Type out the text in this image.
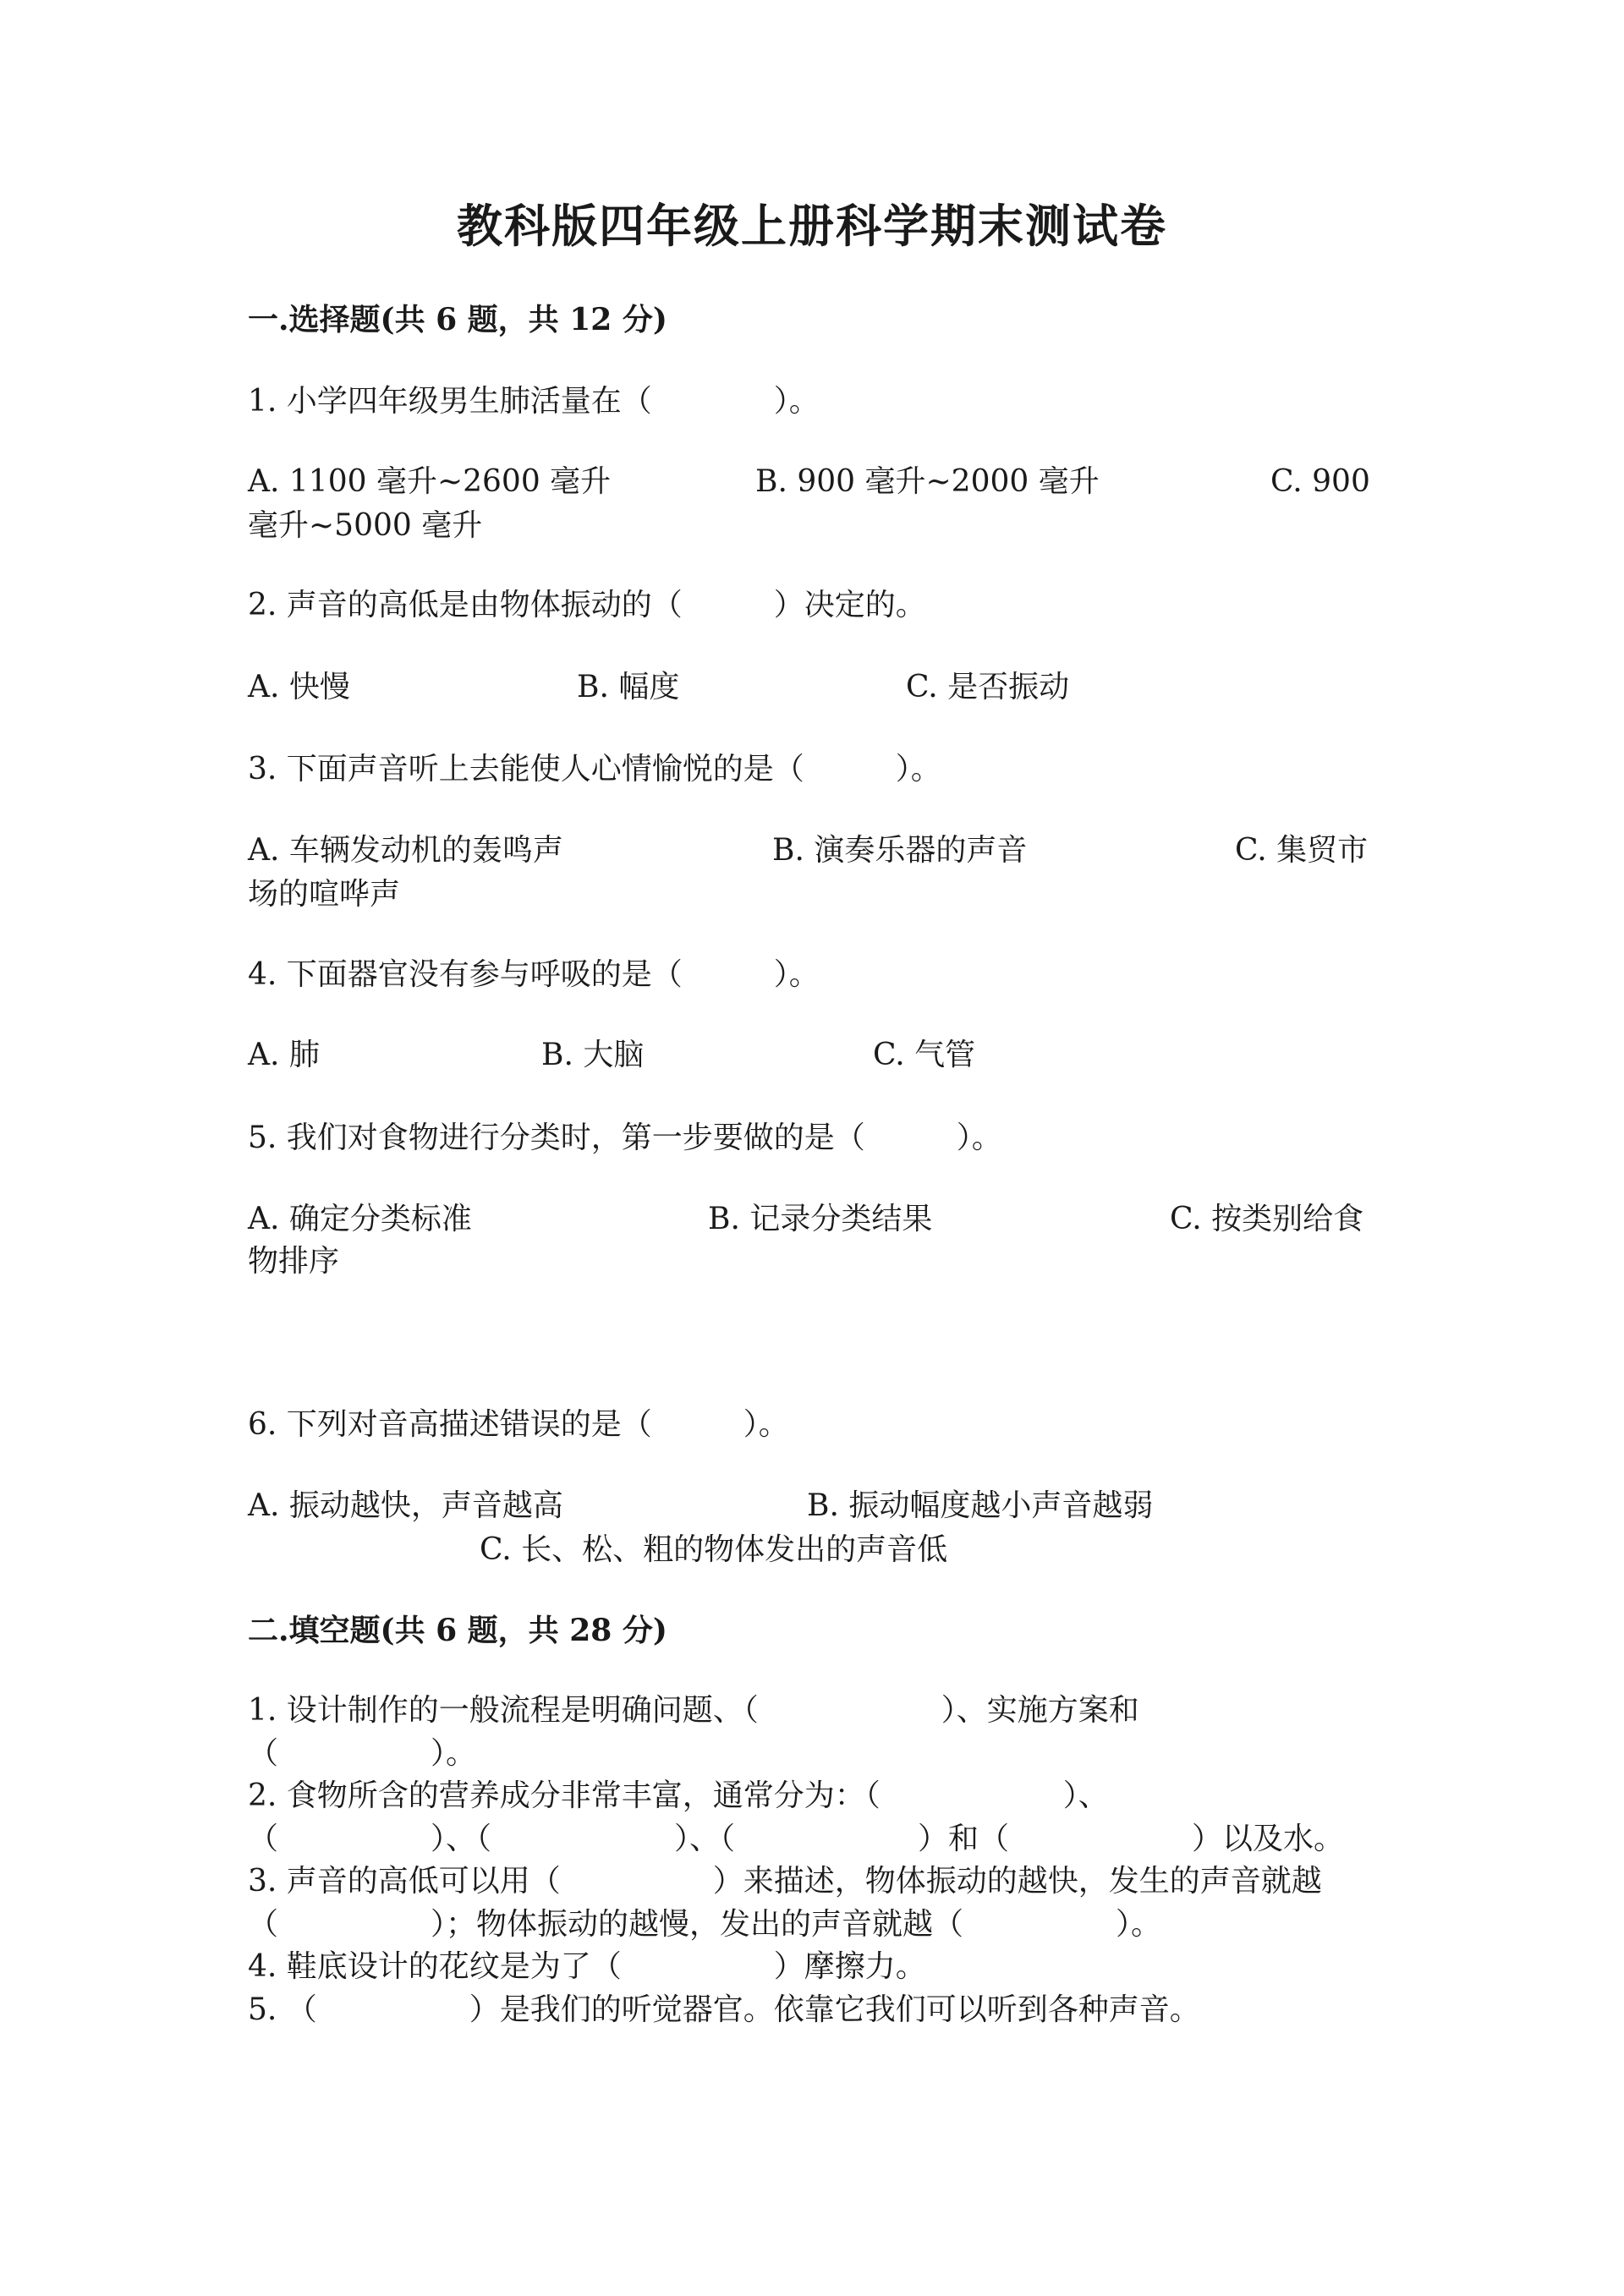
教科版四年级上册科学期末测试卷
一.选择题(共 6 题，共 12 分)
1. 小学四年级男生肺活量在（　　　　）。
A. 1100 毫升~2600 毫升	B. 900 毫升~2000 毫升	C. 900
毫升~5000 毫升
2. 声音的高低是由物体振动的（　　　）决定的。
A. 快慢	B. 幅度	C. 是否振动
3. 下面声音听上去能使人心情愉悦的是（　　　）。
A. 车辆发动机的轰鸣声	B. 演奏乐器的声音	C. 集贸市
场的喧哗声
4. 下面器官没有参与呼吸的是（　　　）。
A. 肺	B. 大脑	C. 气管
5. 我们对食物进行分类时，第一步要做的是（　　　）。
A. 确定分类标准	B. 记录分类结果	C. 按类别给食
物排序
6. 下列对音高描述错误的是（　　　）。
A. 振动越快，声音越高	B. 振动幅度越小声音越弱
C. 长、松、粗的物体发出的声音低
二.填空题(共 6 题，共 28 分)
1. 设计制作的一般流程是明确问题、（　　　　　　）、实施方案和
（　　　　　）。
2. 食物所含的营养成分非常丰富，通常分为：（　　　　　　）、
（　　　　　）、（　　　　　　）、（　　　　　　）和（　　　　　　）以及水。
3. 声音的高低可以用（　　　　　）来描述，物体振动的越快，发生的声音就越
（　　　　　）；物体振动的越慢，发出的声音就越（　　　　　）。
4. 鞋底设计的花纹是为了（　　　　　）摩擦力。
5. （　　　　　）是我们的听觉器官。依靠它我们可以听到各种声音。
